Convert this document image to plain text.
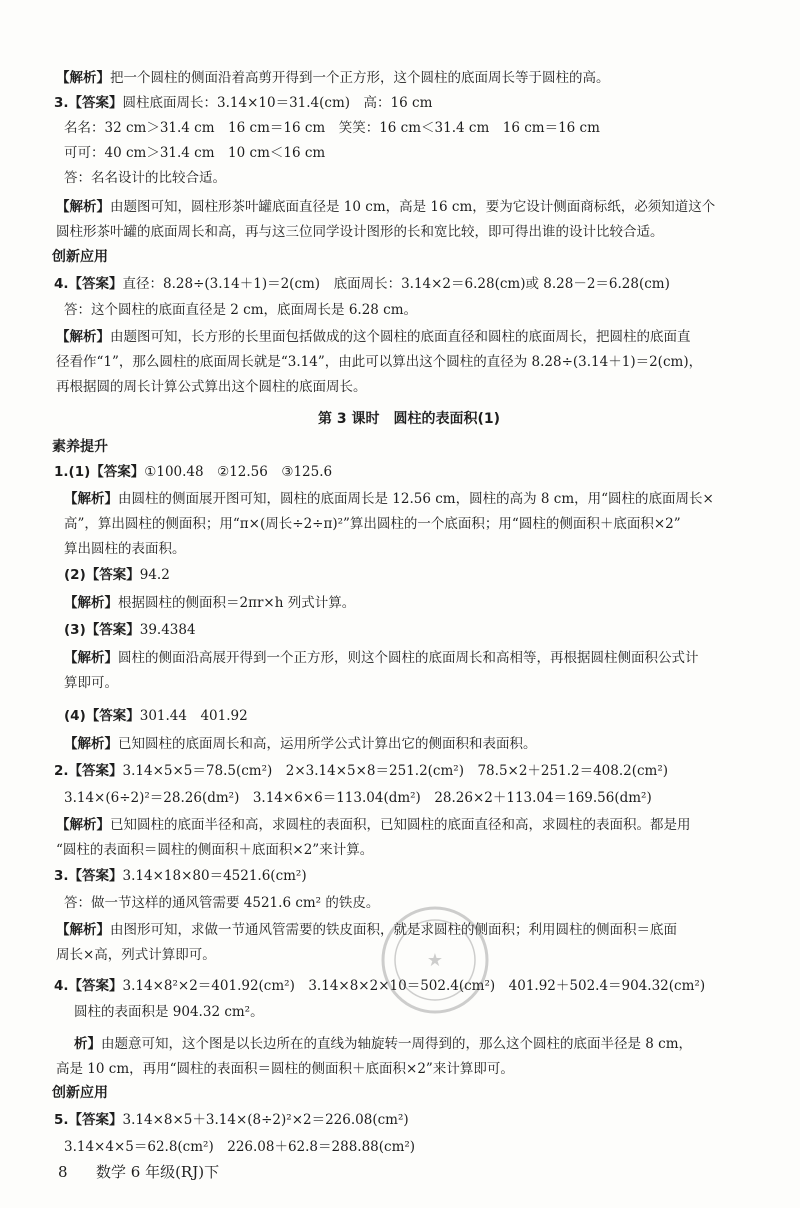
【解析】把一个圆柱的侧面沿着高剪开得到一个正方形，这个圆柱的底面周长等于圆柱的高。
3.【答案】圆柱底面周长：3.14×10＝31.4(cm)　高：16 cm
名名：32 cm＞31.4 cm　16 cm＝16 cm　笑笑：16 cm＜31.4 cm　16 cm＝16 cm
可可：40 cm＞31.4 cm　10 cm＜16 cm
答：名名设计的比较合适。
【解析】由题图可知，圆柱形茶叶罐底面直径是 10 cm，高是 16 cm，要为它设计侧面商标纸，必须知道这个
圆柱形茶叶罐的底面周长和高，再与这三位同学设计图形的长和宽比较，即可得出谁的设计比较合适。
创新应用
4.【答案】直径：8.28÷(3.14＋1)＝2(cm)　底面周长：3.14×2＝6.28(cm)或 8.28－2＝6.28(cm)
答：这个圆柱的底面直径是 2 cm，底面周长是 6.28 cm。
【解析】由题图可知，长方形的长里面包括做成的这个圆柱的底面直径和圆柱的底面周长，把圆柱的底面直
径看作“1”，那么圆柱的底面周长就是“3.14”，由此可以算出这个圆柱的直径为 8.28÷(3.14＋1)＝2(cm)，
再根据圆的周长计算公式算出这个圆柱的底面周长。
第 3 课时　圆柱的表面积(1)
素养提升
1.(1)【答案】①100.48　②12.56　③125.6
【解析】由圆柱的侧面展开图可知，圆柱的底面周长是 12.56 cm，圆柱的高为 8 cm，用“圆柱的底面周长×
高”，算出圆柱的侧面积；用“π×(周长÷2÷π)²”算出圆柱的一个底面积；用“圆柱的侧面积＋底面积×2”
算出圆柱的表面积。
(2)【答案】94.2
【解析】根据圆柱的侧面积＝2πr×h 列式计算。
(3)【答案】39.4384
【解析】圆柱的侧面沿高展开得到一个正方形，则这个圆柱的底面周长和高相等，再根据圆柱侧面积公式计
算即可。
(4)【答案】301.44　401.92
【解析】已知圆柱的底面周长和高，运用所学公式计算出它的侧面积和表面积。
2.【答案】3.14×5×5＝78.5(cm²)　2×3.14×5×8＝251.2(cm²)　78.5×2＋251.2＝408.2(cm²)
3.14×(6÷2)²＝28.26(dm²)　3.14×6×6＝113.04(dm²)　28.26×2＋113.04＝169.56(dm²)
【解析】已知圆柱的底面半径和高，求圆柱的表面积，已知圆柱的底面直径和高，求圆柱的表面积。都是用
“圆柱的表面积＝圆柱的侧面积＋底面积×2”来计算。
3.【答案】3.14×18×80＝4521.6(cm²)
答：做一节这样的通风管需要 4521.6 cm² 的铁皮。
【解析】由图形可知，求做一节通风管需要的铁皮面积，就是求圆柱的侧面积；利用圆柱的侧面积＝底面
周长×高，列式计算即可。
4.【答案】3.14×8²×2＝401.92(cm²)　3.14×8×2×10＝502.4(cm²)　401.92＋502.4＝904.32(cm²)
圆柱的表面积是 904.32 cm²。
析】由题意可知，这个图是以长边所在的直线为轴旋转一周得到的，那么这个圆柱的底面半径是 8 cm，
高是 10 cm，再用“圆柱的表面积＝圆柱的侧面积＋底面积×2”来计算即可。
创新应用
5.【答案】3.14×8×5＋3.14×(8÷2)²×2＝226.08(cm²)
3.14×4×5＝62.8(cm²)　226.08＋62.8＝288.88(cm²)
8 数学 6 年级(RJ)下
★
